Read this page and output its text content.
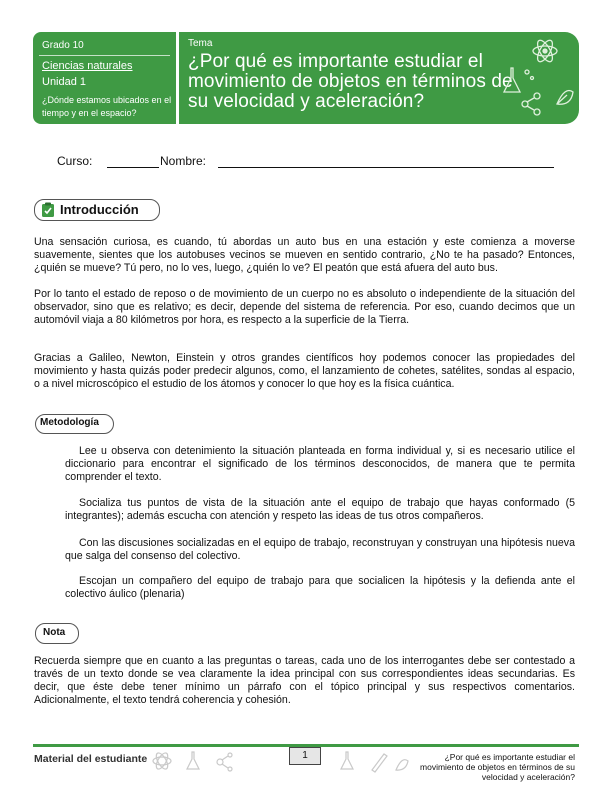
Grado 10
Ciencias naturales
Unidad 1
¿Dónde estamos ubicados en el tiempo y en el espacio?
Tema
¿Por qué es importante estudiar el movimiento de objetos en términos de su velocidad y aceleración?
Curso:	Nombre:
Introducción
Una sensación curiosa, es cuando, tú abordas un auto bus en una estación y este comienza a moverse suavemente, sientes que los autobuses vecinos se mueven en sentido contrario, ¿No te ha pasado? Entonces, ¿quién se mueve? Tú pero, no lo ves, luego, ¿quién lo ve? El peatón que está afuera del auto bus.
Por lo tanto el estado de reposo o de movimiento de un cuerpo no es absoluto o independiente de la situación del observador, sino que es relativo; es decir, depende del sistema de referencia. Por eso, cuando decimos que un automóvil viaja a 80 kilómetros por hora, es respecto a la superficie de la Tierra.
Gracias a Galileo, Newton, Einstein y otros grandes científicos hoy podemos conocer las propiedades del movimiento y hasta quizás poder predecir algunos, como, el lanzamiento de cohetes, satélites, sondas al espacio, o a nivel microscópico el estudio de los átomos y conocer lo que hoy es la física cuántica.
Metodología
Lee u observa con detenimiento la situación planteada en forma individual y, si es necesario utilice el diccionario para encontrar el significado de los términos desconocidos, de manera que te permita comprender el texto.
Socializa tus puntos de vista de la situación ante el equipo de trabajo que hayas conformado (5 integrantes); además escucha con atención y respeto las ideas de tus otros compañeros.
Con las discusiones socializadas en el equipo de trabajo, reconstruyan y construyan una hipótesis nueva que salga del consenso del colectivo.
Escojan un compañero del equipo de trabajo para que socialicen la hipótesis y la defienda ante el colectivo áulico (plenaria)
Nota
Recuerda siempre que en cuanto a las preguntas o tareas, cada uno de los interrogantes debe ser contestado a través de un texto donde se vea claramente la idea principal con sus correspondientes ideas secundarias. Es decir, que éste debe tener mínimo un párrafo con el tópico principal y sus respectivos comentarios. Adicionalmente, el texto tendrá coherencia y cohesión.
Material del estudiante	1	¿Por qué es importante estudiar el movimiento de objetos en términos de su velocidad y aceleración?
